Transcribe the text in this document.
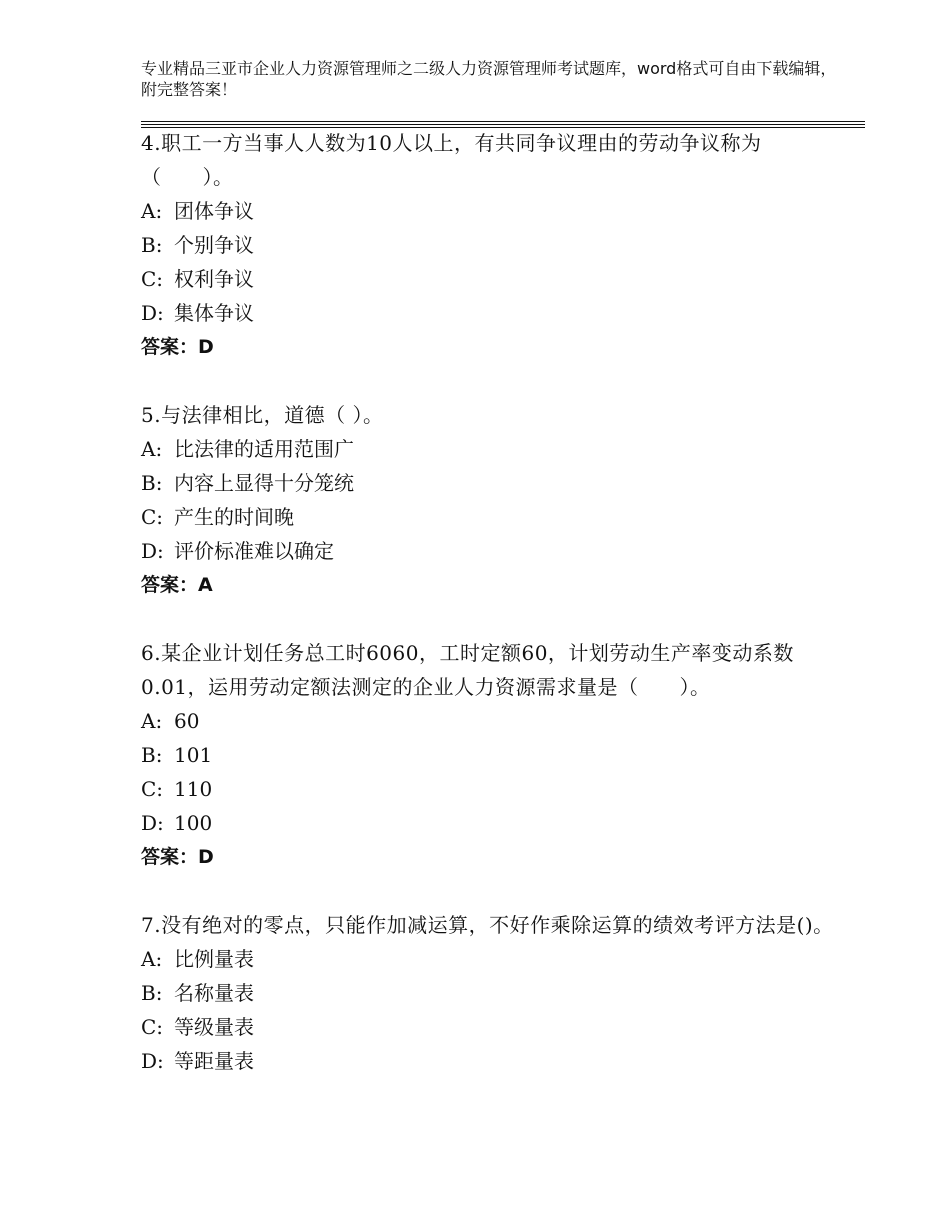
专业精品三亚市企业人力资源管理师之二级人力资源管理师考试题库，word格式可自由下载编辑，附完整答案！
4.职工一方当事人人数为10人以上，有共同争议理由的劳动争议称为（　　）。
A: 团体争议
B: 个别争议
C: 权利争议
D: 集体争议
答案：D
5.与法律相比，道德（ ）。
A: 比法律的适用范围广
B: 内容上显得十分笼统
C: 产生的时间晚
D: 评价标准难以确定
答案：A
6.某企业计划任务总工时6060，工时定额60，计划劳动生产率变动系数0.01，运用劳动定额法测定的企业人力资源需求量是（　　）。
A: 60
B: 101
C: 110
D: 100
答案：D
7.没有绝对的零点，只能作加减运算，不好作乘除运算的绩效考评方法是()。
A: 比例量表
B: 名称量表
C: 等级量表
D: 等距量表
